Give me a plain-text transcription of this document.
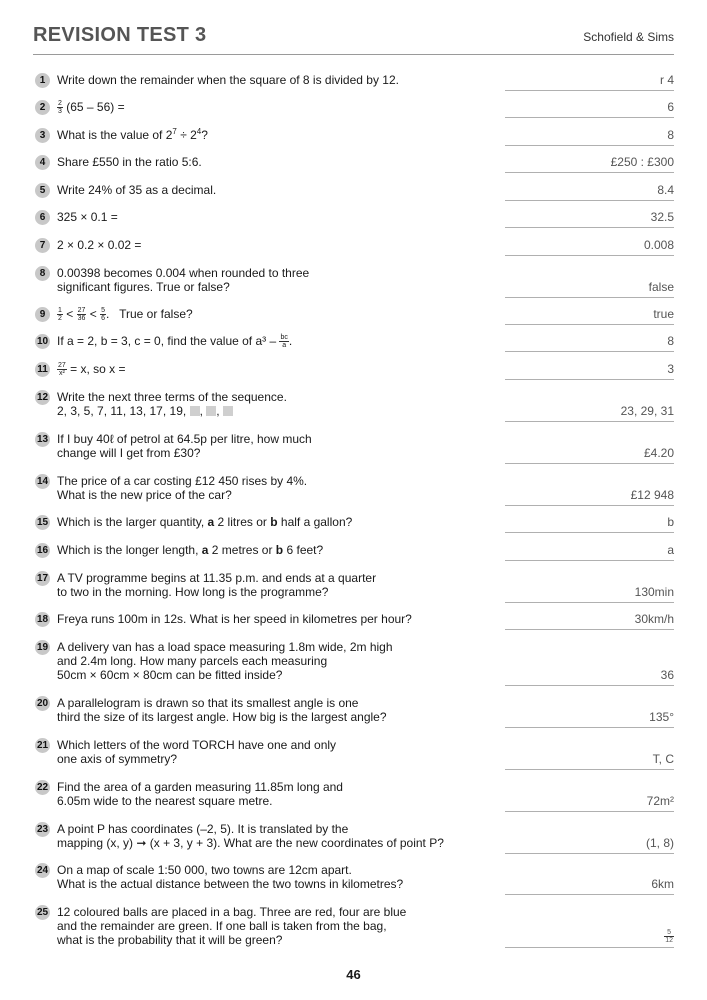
REVISION TEST 3	Schofield & Sims
1 Write down the remainder when the square of 8 is divided by 12.	r 4
2	$\frac{2}{3} (65 - 56)$ =	6
3 What is the value of $2^7 \div 2^4$?	8
4 Share £550 in the ratio 5:6.	£250 : £300
5 Write 24% of 35 as a decimal.	8.4
6 325 × 0.1 =	32.5
7 2 × 0.2 × 0.02 =	0.008
8 0.00398 becomes 0.004 when rounded to three
significant figures. True or false?	false
9	$\frac{1}{2} < \frac{27}{36} < \frac{5}{6}$ .   True or false?	true
10 If a = 2, b = 3, c = 0, find the value of $a^3 - \frac{bc}{a}$ .	8
11	$\frac{27}{\text{x²}} = x$, so x =	3
12 Write the next three terms of the sequence.
2, 3, 5, 7, 11, 13, 17, 19, , ,	23, 29, 31
13 If I buy 40ℓ of petrol at 64.5p per litre, how much
change will I get from £30?	£4.20
14 The price of a car costing £12 450 rises by 4%.
What is the new price of the car?	£12 948
15 Which is the larger quantity, a 2 litres or b half a gallon?	b
16 Which is the longer length, a 2 metres or b 6 feet?	a
17 A TV programme begins at 11.35 p.m. and ends at a quarter
to two in the morning. How long is the programme?	130min
18 Freya runs 100m in 12s. What is her speed in kilometres per hour?	30km/h
19 A delivery van has a load space measuring 1.8m wide, 2m high
and 2.4m long. How many parcels each measuring
50cm × 60cm × 80cm can be fitted inside?	36
20 A parallelogram is drawn so that its smallest angle is one
third the size of its largest angle. How big is the largest angle?	135°
21 Which letters of the word TORCH have one and only
one axis of symmetry?	T, C
22 Find the area of a garden measuring 11.85m long and
6.05m wide to the nearest square metre.	72m²
23 A point P has coordinates (–2, 5). It is translated by the
mapping (x, y) ➞ (x + 3, y + 3). What are the new coordinates of point P?	(1, 8)
24 On a map of scale 1:50 000, two towns are 12cm apart.
What is the actual distance between the two towns in kilometres?	6km
25 12 coloured balls are placed in a bag. Three are red, four are blue
and the remainder are green. If one ball is taken from the bag,
what is the probability that it will be green?	$\frac{5}{12}$
46
